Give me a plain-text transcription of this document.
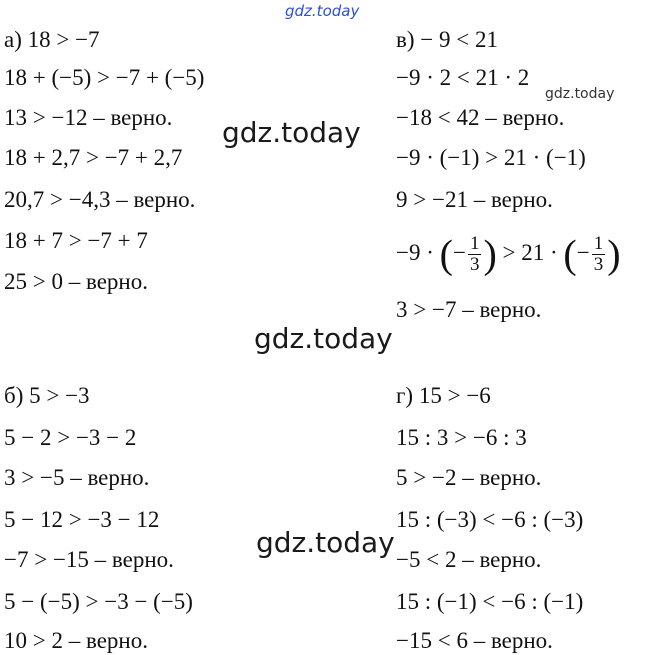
gdz.today
gdz.today
gdz.today
gdz.today
gdz.today
а) 18 > −7
18 + (−5) > −7 + (−5)
13 > −12 – верно.
18 + 2,7 > −7 + 2,7
20,7 > −4,3 – верно.
18 + 7 > −7 + 7
25 > 0 – верно.
в) − 9 < 21
−9 · 2 < 21 · 2
−18 < 42 – верно.
−9 · (−1) > 21 · (−1)
9 > −21 – верно.
−9 · (− $\frac{1}{3}$ ) > 21 · (− $\frac{1}{3}$ )
3 > −7 – верно.
б) 5 > −3
5 − 2 > −3 − 2
3 > −5 – верно.
5 − 12 > −3 − 12
−7 > −15 – верно.
5 − (−5) > −3 − (−5)
10 > 2 – верно.
г) 15 > −6
15 : 3 > −6 : 3
5 > −2 – верно.
15 : (−3) < −6 : (−3)
−5 < 2 – верно.
15 : (−1) < −6 : (−1)
−15 < 6 – верно.
